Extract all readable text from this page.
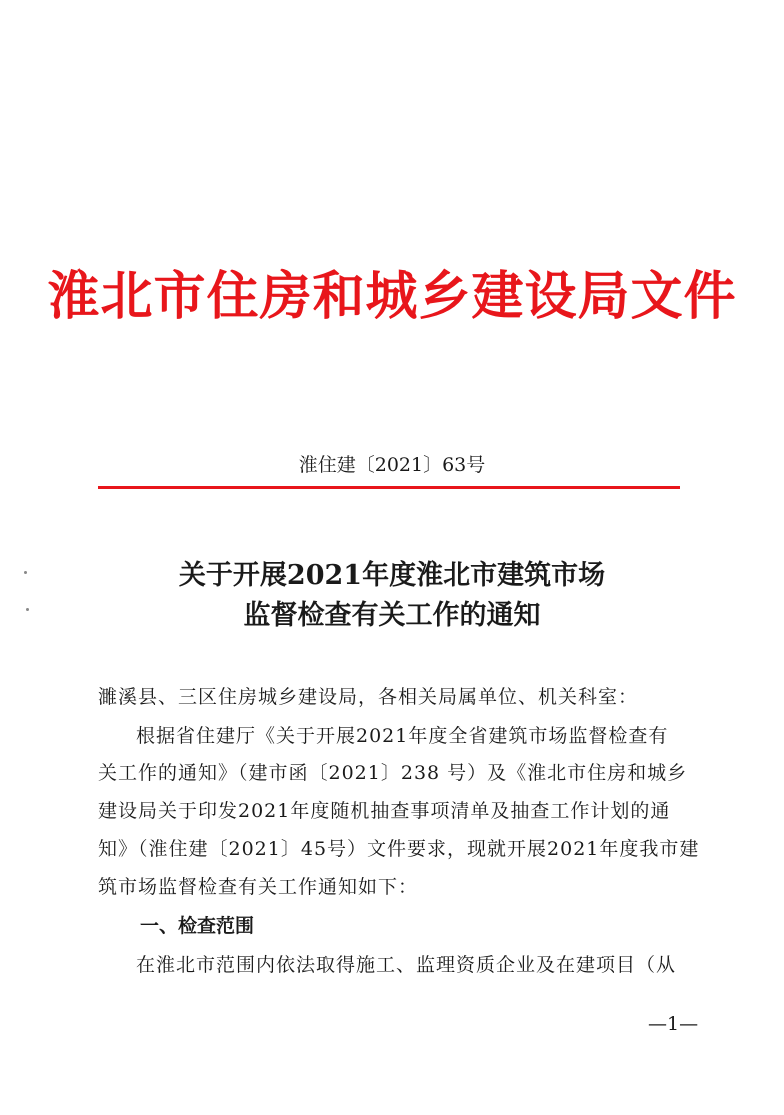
淮北市住房和城乡建设局文件
淮住建〔2021〕63号
关于开展2021年度淮北市建筑市场
监督检查有关工作的通知
濉溪县、三区住房城乡建设局，各相关局属单位、机关科室：
根据省住建厅《关于开展2021年度全省建筑市场监督检查有
关工作的通知》（建市函〔2021〕238 号）及《淮北市住房和城乡
建设局关于印发2021年度随机抽查事项清单及抽查工作计划的通
知》（淮住建〔2021〕45号）文件要求，现就开展2021年度我市建
筑市场监督检查有关工作通知如下：
一、检查范围
在淮北市范围内依法取得施工、监理资质企业及在建项目（从
—1—
